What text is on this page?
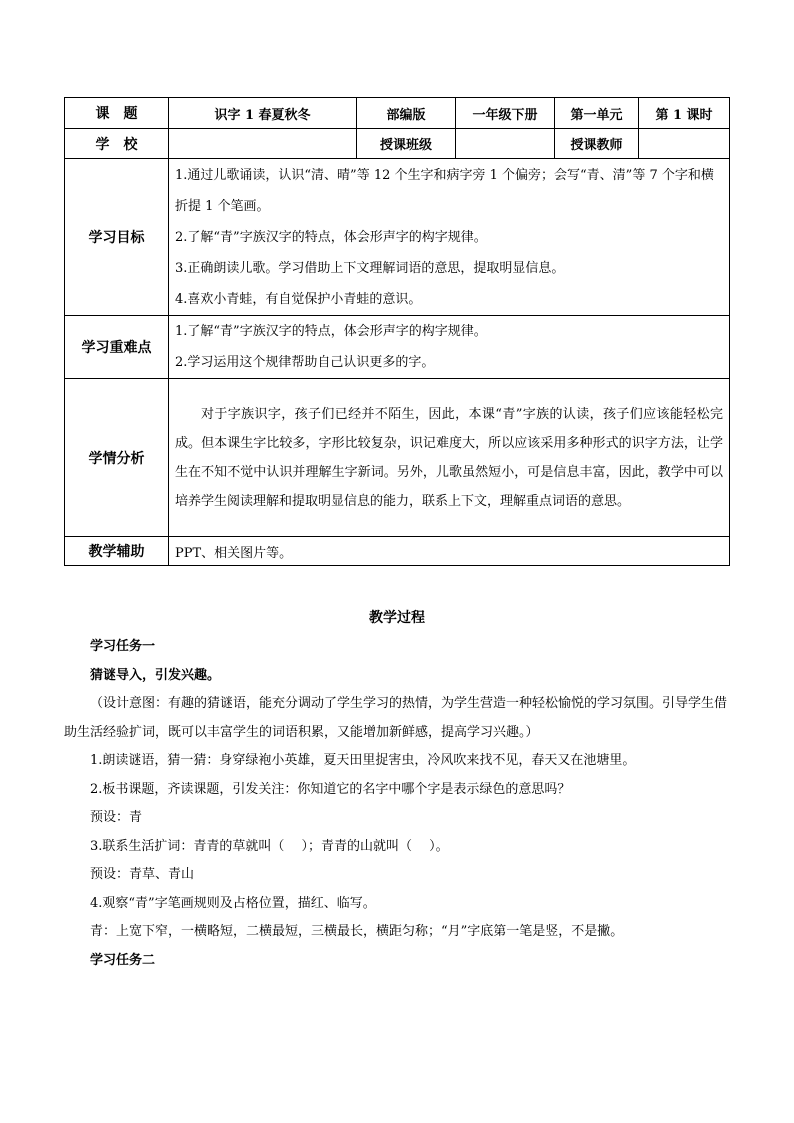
课　题	识字 1 春夏秋冬	部编版	一年级下册	第一单元	第 1 课时
学　校		授课班级		授课教师	
学习目标	1.通过儿歌诵读，认识“清、晴”等 12 个生字和病字旁 1 个偏旁；会写“青、清”等 7 个字和横折提 1 个笔画。

2.了解“青”字族汉字的特点，体会形声字的构字规律。

3.正确朗读儿歌。学习借助上下文理解词语的意思，提取明显信息。

4.喜欢小青蛙，有自觉保护小青蛙的意识。				

学习重难点	1.了解“青”字族汉字的特点，体会形声字的构字规律。

2.学习运用这个规律帮助自己认识更多的字。				

学情分析	对于字族识字，孩子们已经并不陌生，因此，本课“青”字族的认读，孩子们应该能轻松完成。但本课生字比较多，字形比较复杂，识记难度大，所以应该采用多种形式的识字方法，让学生在不知不觉中认识并理解生字新词。另外，儿歌虽然短小，可是信息丰富，因此，教学中可以培养学生阅读理解和提取明显信息的能力，联系上下文，理解重点词语的意思。				

教学辅助	PPT、相关图片等。				
教学过程

学习任务一

猜谜导入，引发兴趣。

（设计意图：有趣的猜谜语，能充分调动了学生学习的热情，为学生营造一种轻松愉悦的学习氛围。引导学生借助生活经验扩词，既可以丰富学生的词语积累，又能增加新鲜感，提高学习兴趣。）

1.朗读谜语，猜一猜：身穿绿袍小英雄，夏天田里捉害虫，冷风吹来找不见，春天又在池塘里。

2.板书课题，齐读课题，引发关注：你知道它的名字中哪个字是表示绿色的意思吗？

预设：青

3.联系生活扩词：青青的草就叫（　 ）；青青的山就叫（　 ）。

预设：青草、青山

4.观察“青”字笔画规则及占格位置，描红、临写。

青：上宽下窄，一横略短，二横最短，三横最长，横距匀称；“月”字底第一笔是竖，不是撇。

学习任务二
